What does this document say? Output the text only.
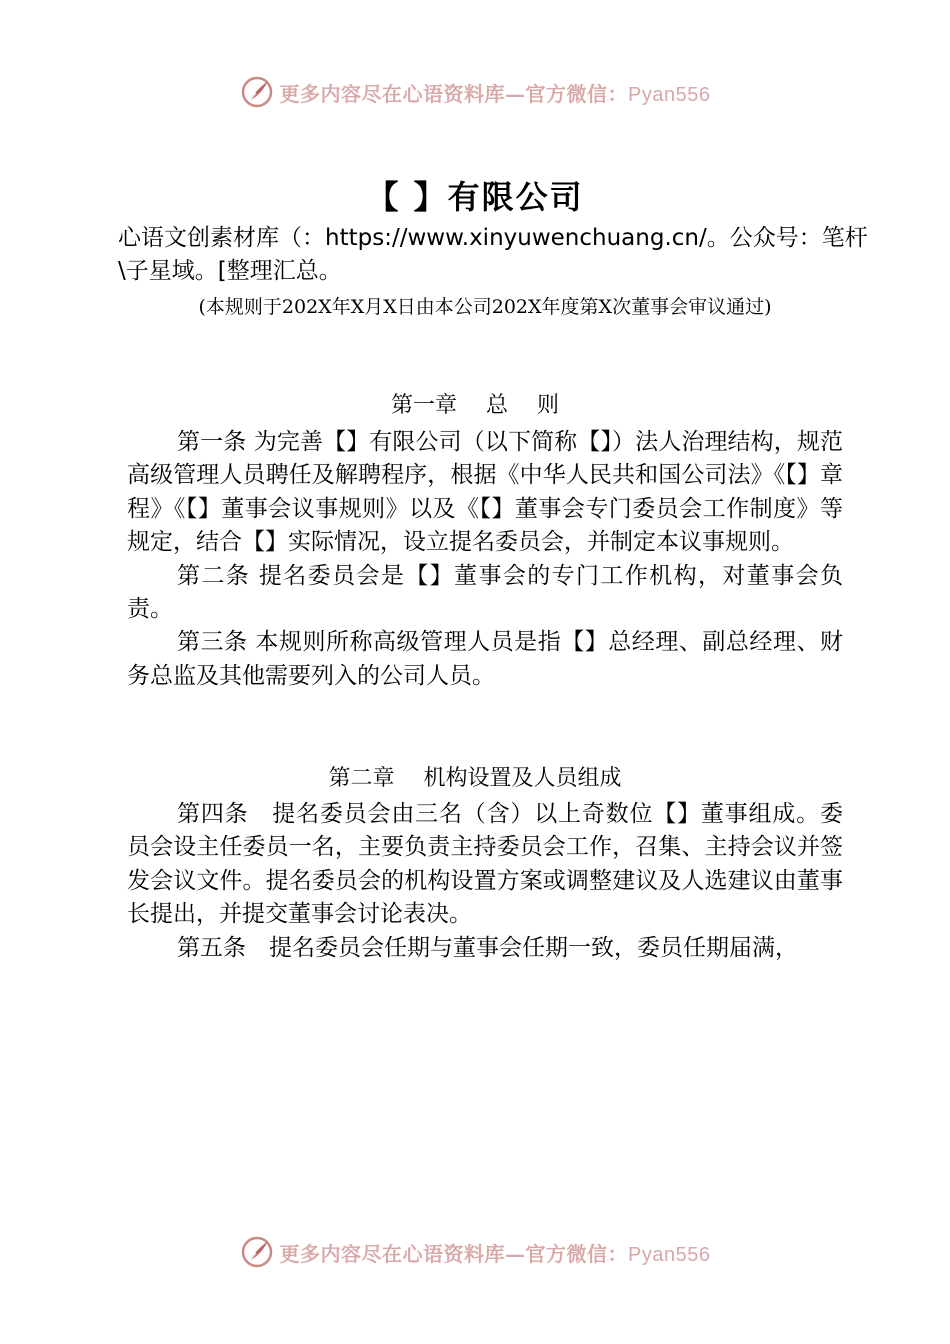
更多内容尽在心语资料库—官方微信：Pyan556
【 】有限公司

心语文创素材库（：https://www.xinyuwenchuang.cn/。公众号：笔杆\子星域。[整理汇总。

(本规则于202X年X月X日由本公司202X年度第X次董事会审议通过)

第一章　 总　 则

第一条 为完善【】有限公司（以下简称【】）法人治理结构，规范高级管理人员聘任及解聘程序，根据《中华人民共和国公司法》《【】章程》《【】董事会议事规则》以及《【】董事会专门委员会工作制度》等规定，结合【】实际情况，设立提名委员会，并制定本议事规则。

第二条 提名委员会是【】董事会的专门工作机构，对董事会负责。

第三条 本规则所称高级管理人员是指【】总经理、副总经理、财务总监及其他需要列入的公司人员。

第二章　 机构设置及人员组成

第四条　提名委员会由三名（含）以上奇数位【】董事组成。委员会设主任委员一名，主要负责主持委员会工作，召集、主持会议并签发会议文件。提名委员会的机构设置方案或调整建议及人选建议由董事长提出，并提交董事会讨论表决。

第五条　提名委员会任期与董事会任期一致，委员任期届满，

更多内容尽在心语资料库—官方微信：Pyan556
